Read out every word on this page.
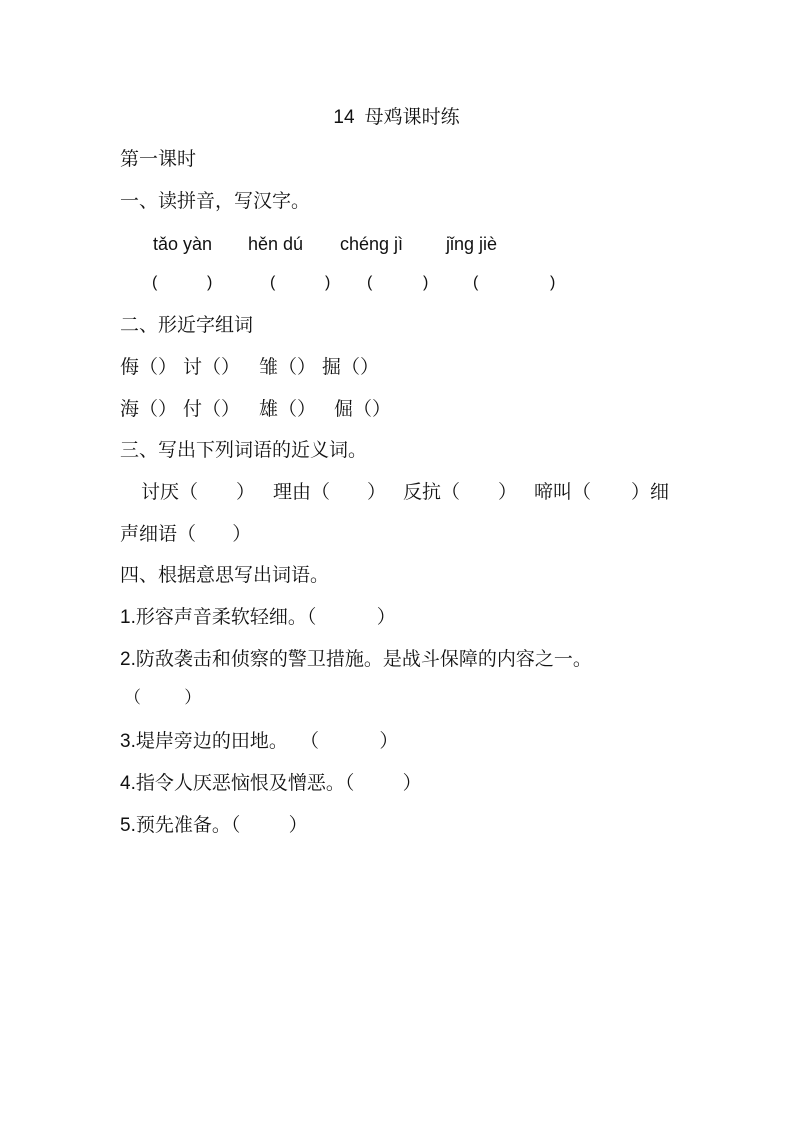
14 母鸡课时练
第一课时
一、读拼音，写汉字。
tǎo yàn hěn dú chénɡ jì jǐnɡ jiè
(	)	(	) (	)	(	)
二、形近字组词
侮（） 讨（） 雏（） 掘（）
海（） 付（） 雄（） 倔（）
三、写出下列词语的近义词。
讨厌（ ） 理由（ ） 反抗（ ） 啼叫（ ）细
声细语（      ）
四、根据意思写出词语。
1.形容声音柔软轻细。（          ）
2.防敌袭击和侦察的警卫措施。是战斗保障的内容之一。
（        ）
3.堤岸旁边的田地。  （          ）
4.指令人厌恶恼恨及憎恶。（        ）
5.预先准备。（        ）
